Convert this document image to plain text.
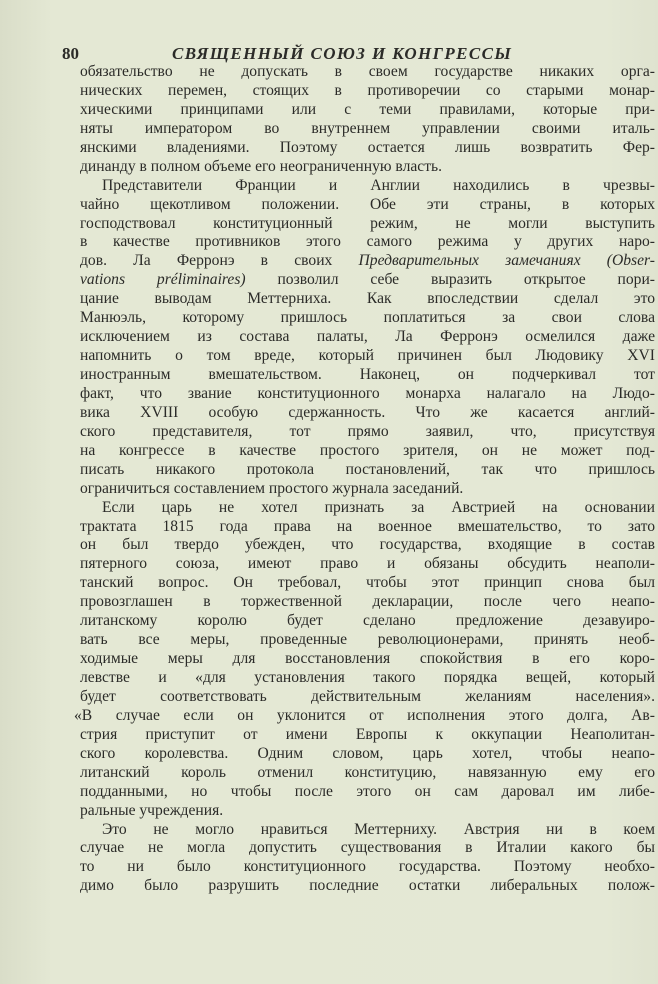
80	СВЯЩЕННЫЙ СОЮЗ И КОНГРЕССЫ
обязательство не допускать в своем государстве никаких орга-
нических перемен, стоящих в противоречии со старыми монар-
хическими принципами или с теми правилами, которые при-
няты императором во внутреннем управлении своими италь-
янскими владениями. Поэтому остается лишь возвратить Фер-
динанду в полном объеме его неограниченную власть.
Представители Франции и Англии находились в чрезвы-
чайно щекотливом положении. Обе эти страны, в которых
господствовал конституционный режим, не могли выступить
в качестве противников этого самого режима у других наро-
дов. Ла Ферронэ в своих Предварительных замечаниях (Obser-
vations préliminaires) позволил себе выразить открытое пори-
цание выводам Меттерниха. Как впоследствии сделал это
Манюэль, которому пришлось поплатиться за свои слова
исключением из состава палаты, Ла Ферронэ осмелился даже
напомнить о том вреде, который причинен был Людовику XVI
иностранным вмешательством. Наконец, он подчеркивал тот
факт, что звание конституционного монарха налагало на Людо-
вика XVIII особую сдержанность. Что же касается англий-
ского представителя, тот прямо заявил, что, присутствуя
на конгрессе в качестве простого зрителя, он не может под-
писать никакого протокола постановлений, так что пришлось
ограничиться составлением простого журнала заседаний.
Если царь не хотел признать за Австрией на основании
трактата 1815 года права на военное вмешательство, то зато
он был твердо убежден, что государства, входящие в состав
пятерного союза, имеют право и обязаны обсудить неаполи-
танский вопрос. Он требовал, чтобы этот принцип снова был
провозглашен в торжественной декларации, после чего неапо-
литанскому королю будет сделано предложение дезавуиро-
вать все меры, проведенные революционерами, принять необ-
ходимые меры для восстановления спокойствия в его коро-
левстве и «для установления такого порядка вещей, который
будет соответствовать действительным желаниям населения».
«В случае если он уклонится от исполнения этого долга, Ав-
стрия приступит от имени Европы к оккупации Неаполитан-
ского королевства. Одним словом, царь хотел, чтобы неапо-
литанский король отменил конституцию, навязанную ему его
подданными, но чтобы после этого он сам даровал им либе-
ральные учреждения.
Это не могло нравиться Меттерниху. Австрия ни в коем
случае не могла допустить существования в Италии какого бы
то ни было конституционного государства. Поэтому необхо-
димо было разрушить последние остатки либеральных полож-
